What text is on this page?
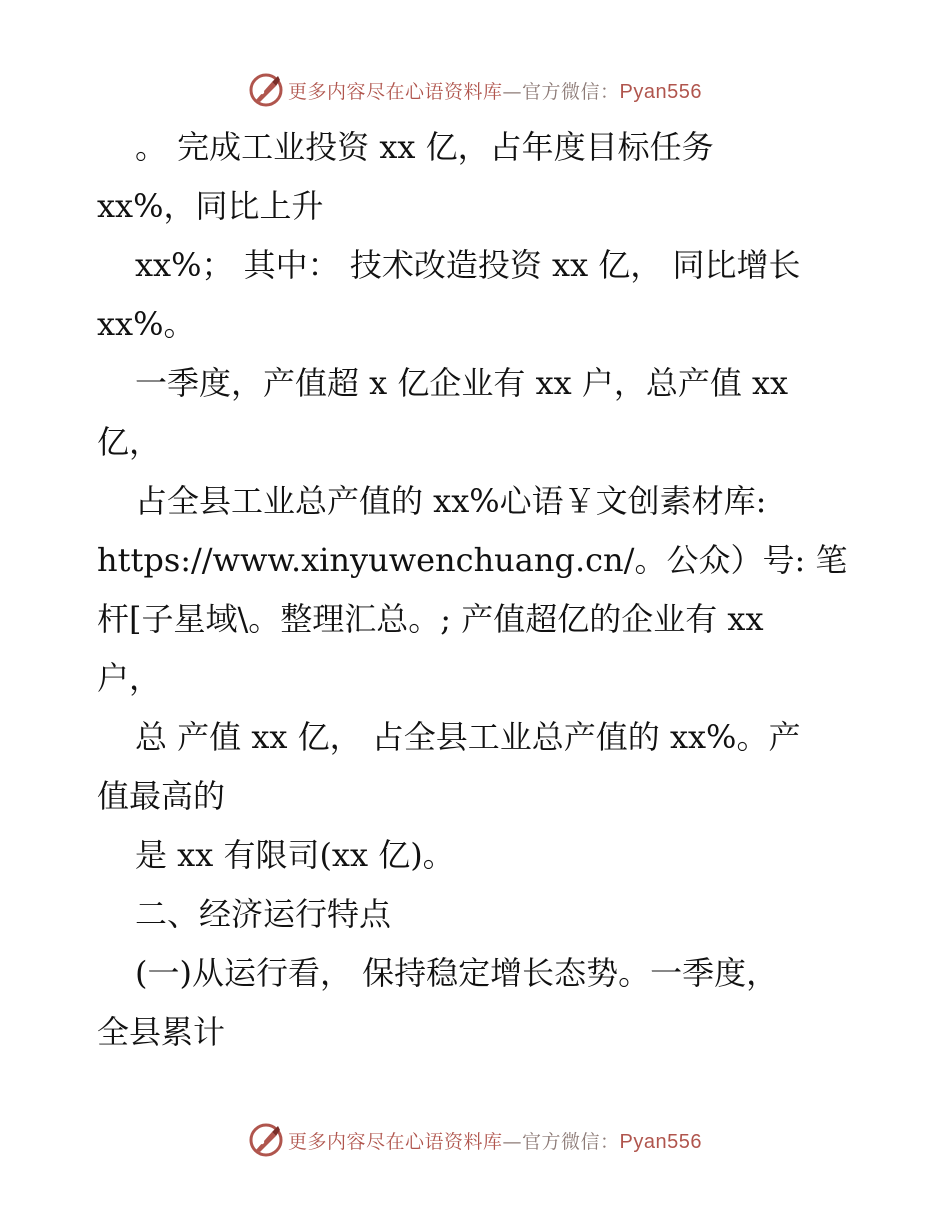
更多内容尽在心语资料库—官方微信：Pyan556
。 完成工业投资 xx 亿，占年度目标任务
xx%，同比上升
xx%； 其中： 技术改造投资 xx 亿， 同比增长
xx%。
一季度，产值超 x 亿企业有 xx 户，总产值 xx
亿，
占全县工业总产值的 xx%心语￥文创素材库:
https://www.xinyuwenchuang.cn/。公众）号: 笔
杆[子星域\。整理汇总。; 产值超亿的企业有 xx
户，
总 产值 xx 亿， 占全县工业总产值的 xx%。产
值最高的
是 xx 有限司(xx 亿)。
二、经济运行特点
(一)从运行看， 保持稳定增长态势。一季度，
全县累计
更多内容尽在心语资料库—官方微信：Pyan556
